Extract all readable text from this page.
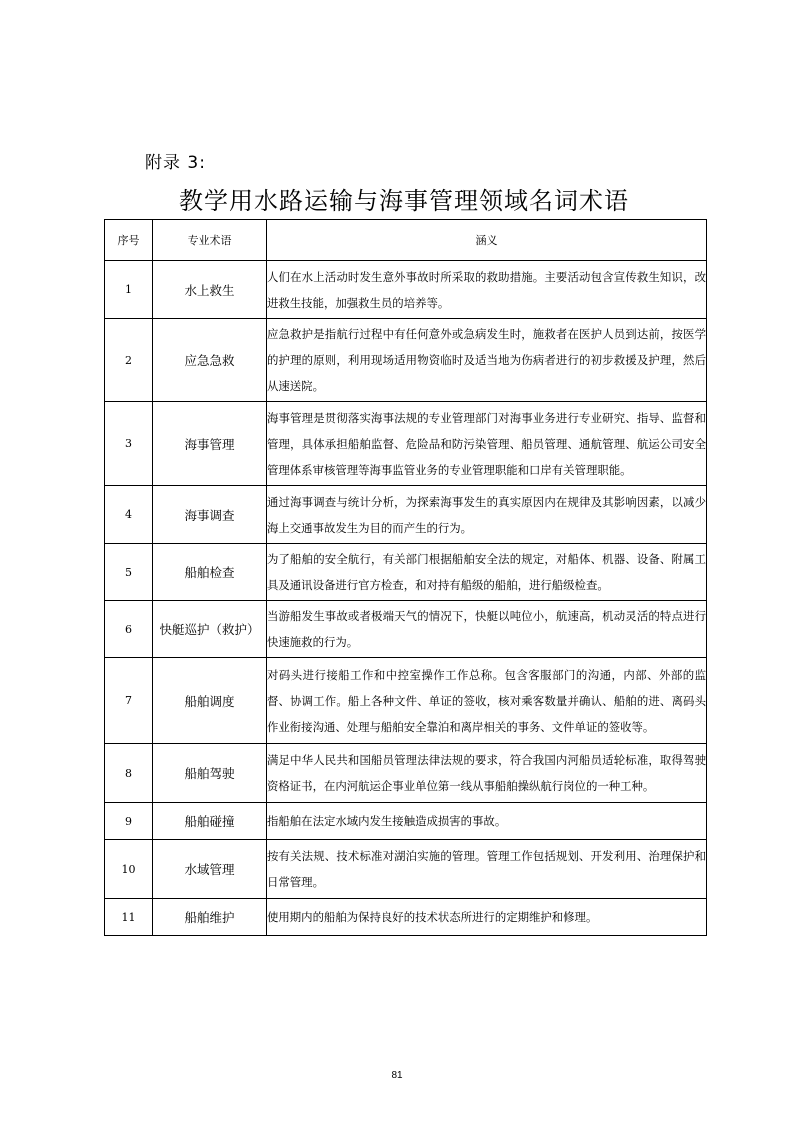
附录 3:
教学用水路运输与海事管理领域名词术语
序号	专业术语	涵义
1	水上救生	人们在水上活动时发生意外事故时所采取的救助措施。主要活动包含宣传救生知识，改进救生技能，加强救生员的培养等。
2	应急急救	应急救护是指航行过程中有任何意外或急病发生时，施救者在医护人员到达前，按医学的护理的原则，利用现场适用物资临时及适当地为伤病者进行的初步救援及护理，然后从速送院。
3	海事管理	海事管理是贯彻落实海事法规的专业管理部门对海事业务进行专业研究、指导、监督和管理，具体承担船舶监督、危险品和防污染管理、船员管理、通航管理、航运公司安全管理体系审核管理等海事监管业务的专业管理职能和口岸有关管理职能。
4	海事调查	通过海事调查与统计分析，为探索海事发生的真实原因内在规律及其影响因素，以减少海上交通事故发生为目的而产生的行为。
5	船舶检查	为了船舶的安全航行，有关部门根据船舶安全法的规定，对船体、机器、设备、附属工具及通讯设备进行官方检查，和对持有船级的船舶，进行船级检查。
6	快艇巡护（救护）	当游船发生事故或者极端天气的情况下，快艇以吨位小，航速高，机动灵活的特点进行快速施救的行为。
7	船舶调度	对码头进行接船工作和中控室操作工作总称。包含客服部门的沟通，内部、外部的监督、协调工作。船上各种文件、单证的签收，核对乘客数量并确认、船舶的进、离码头作业衔接沟通、处理与船舶安全靠泊和离岸相关的事务、文件单证的签收等。
8	船舶驾驶	满足中华人民共和国船员管理法律法规的要求，符合我国内河船员适轮标准，取得驾驶资格证书，在内河航运企事业单位第一线从事船舶操纵航行岗位的一种工种。
9	船舶碰撞	指船舶在法定水域内发生接触造成损害的事故。
10	水域管理	按有关法规、技术标准对湖泊实施的管理。管理工作包括规划、开发利用、治理保护和日常管理。
11	船舶维护	使用期内的船舶为保持良好的技术状态所进行的定期维护和修理。
81
